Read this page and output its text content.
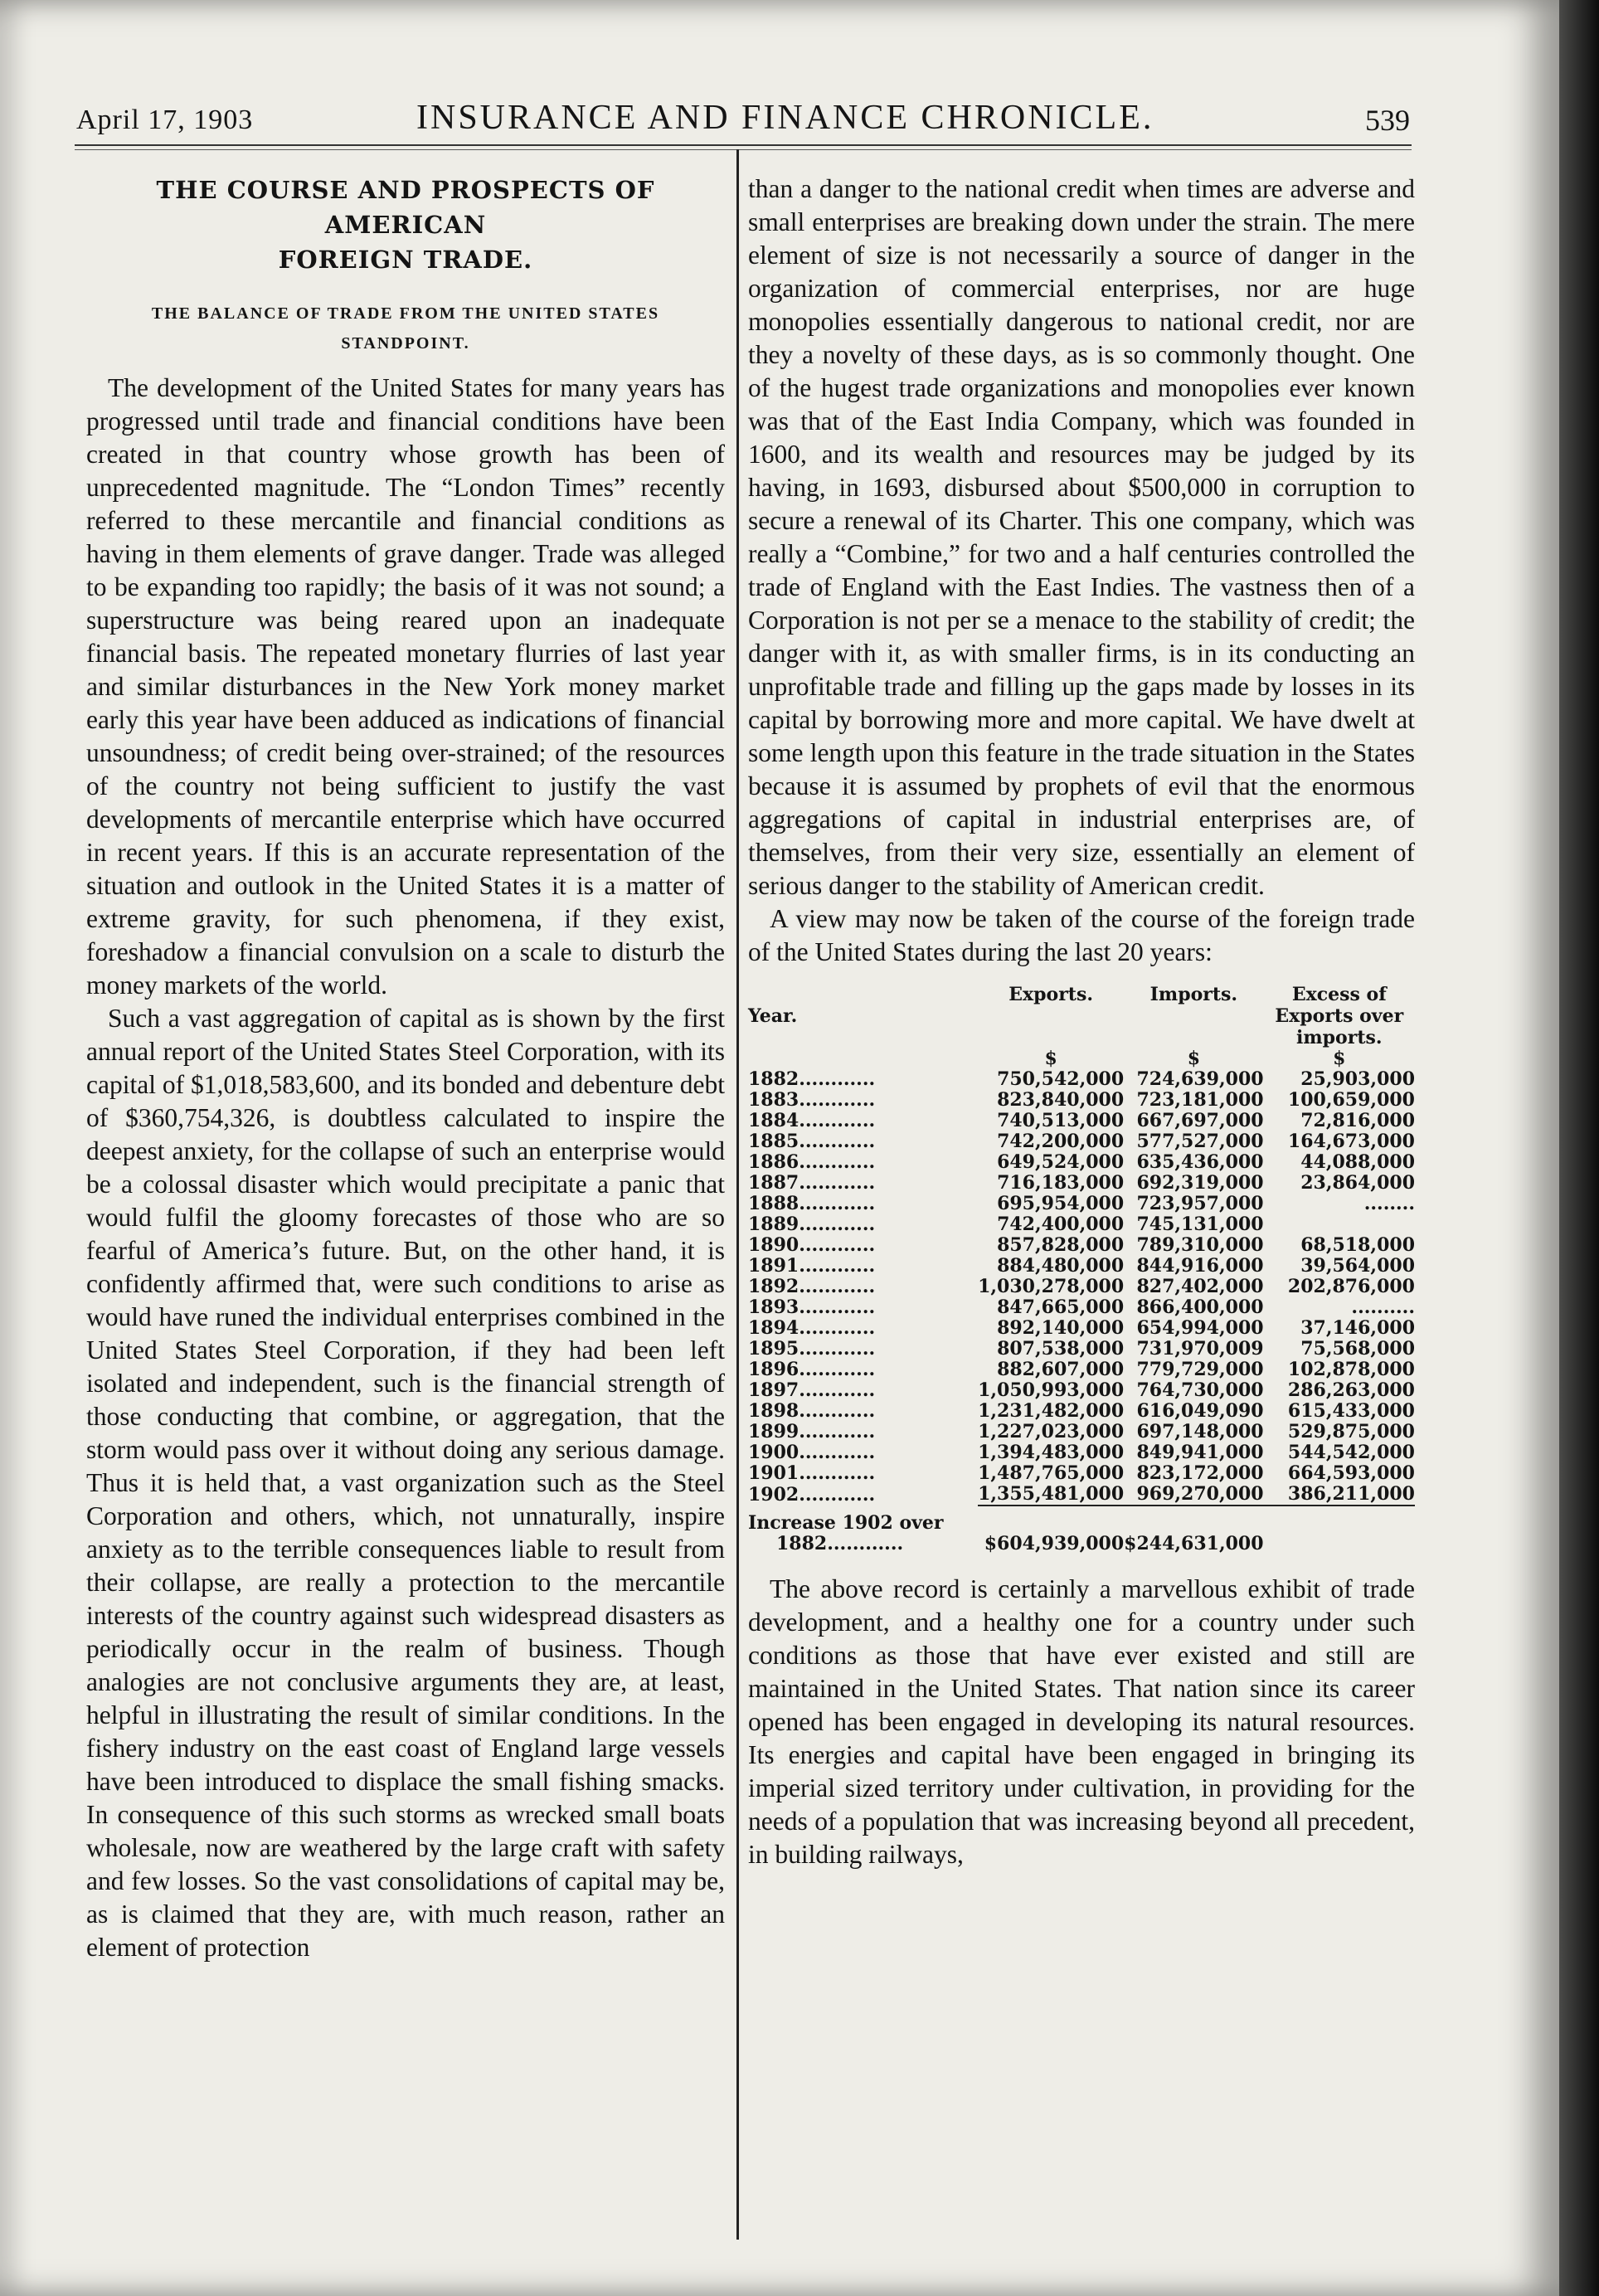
April 17, 1903	INSURANCE AND FINANCE CHRONICLE.	539
THE COURSE AND PROSPECTS OF AMERICAN
FOREIGN TRADE.
THE BALANCE OF TRADE FROM THE UNITED STATES
STANDPOINT.

The development of the United States for many years has progressed until trade and financial conditions have been created in that country whose growth has been of unprecedented magnitude. The “London Times” recently referred to these mercantile and financial conditions as having in them elements of grave danger. Trade was alleged to be expanding too rapidly; the basis of it was not sound; a superstructure was being reared upon an inadequate financial basis. The repeated monetary flurries of last year and similar disturbances in the New York money market early this year have been adduced as indications of financial unsoundness; of credit being over-strained; of the resources of the country not being sufficient to justify the vast developments of mercantile enterprise which have occurred in recent years. If this is an accurate representation of the situation and outlook in the United States it is a matter of extreme gravity, for such phenomena, if they exist, foreshadow a financial convulsion on a scale to disturb the money markets of the world.

Such a vast aggregation of capital as is shown by the first annual report of the United States Steel Corporation, with its capital of $1,018,583,600, and its bonded and debenture debt of $360,754,326, is doubtless calculated to inspire the deepest anxiety, for the collapse of such an enterprise would be a colossal disaster which would precipitate a panic that would fulfil the gloomy forecastes of those who are so fearful of America’s future. But, on the other hand, it is confidently affirmed that, were such conditions to arise as would have runed the individual enterprises combined in the United States Steel Corporation, if they had been left isolated and independent, such is the financial strength of those conducting that combine, or aggregation, that the storm would pass over it without doing any serious damage. Thus it is held that, a vast organization such as the Steel Corporation and others, which, not unnaturally, inspire anxiety as to the terrible consequences liable to result from their collapse, are really a protection to the mercantile interests of the country against such widespread disasters as periodically occur in the realm of business. Though analogies are not conclusive arguments they are, at least, helpful in illustrating the result of similar conditions. In the fishery industry on the east coast of England large vessels have been introduced to displace the small fishing smacks. In consequence of this such storms as wrecked small boats wholesale, now are weathered by the large craft with safety and few losses. So the vast consolidations of capital may be, as is claimed that they are, with much reason, rather an element of protection

than a danger to the national credit when times are adverse and small enterprises are breaking down under the strain. The mere element of size is not necessarily a source of danger in the organization of commercial enterprises, nor are huge monopolies essentially dangerous to national credit, nor are they a novelty of these days, as is so commonly thought. One of the hugest trade organizations and monopolies ever known was that of the East India Company, which was founded in 1600, and its wealth and resources may be judged by its having, in 1693, disbursed about $500,000 in corruption to secure a renewal of its Charter. This one company, which was really a “Combine,” for two and a half centuries controlled the trade of England with the East Indies. The vastness then of a Corporation is not per se a menace to the stability of credit; the danger with it, as with smaller firms, is in its conducting an unprofitable trade and filling up the gaps made by losses in its capital by borrowing more and more capital. We have dwelt at some length upon this feature in the trade situation in the States because it is assumed by prophets of evil that the enormous aggregations of capital in industrial enterprises are, of themselves, from their very size, essentially an element of serious danger to the stability of American credit.

A view may now be taken of the course of the foreign trade of the United States during the last 20 years:

Year.	Exports.	Imports.	Excess of
Exports over
imports.

	$	$	$
1882............	750,542,000	724,639,000	25,903,000
1883............	823,840,000	723,181,000	100,659,000
1884............	740,513,000	667,697,000	72,816,000
1885............	742,200,000	577,527,000	164,673,000
1886............	649,524,000	635,436,000	44,088,000
1887............	716,183,000	692,319,000	23,864,000
1888............	695,954,000	723,957,000	........
1889............	742,400,000	745,131,000	
1890............	857,828,000	789,310,000	68,518,000
1891............	884,480,000	844,916,000	39,564,000
1892............	1,030,278,000	827,402,000	202,876,000
1893............	847,665,000	866,400,000	..........
1894............	892,140,000	654,994,000	37,146,000
1895............	807,538,000	731,970,009	75,568,000
1896............	882,607,000	779,729,000	102,878,000
1897............	1,050,993,000	764,730,000	286,263,000
1898............	1,231,482,000	616,049,090	615,433,000
1899............	1,227,023,000	697,148,000	529,875,000
1900............	1,394,483,000	849,941,000	544,542,000
1901............	1,487,765,000	823,172,000	664,593,000
1902............	1,355,481,000	969,270,000	386,211,000

Increase 1902 over			
1882............	$604,939,000	$244,631,000	

The above record is certainly a marvellous exhibit of trade development, and a healthy one for a country under such conditions as those that have ever existed and still are maintained in the United States. That nation since its career opened has been engaged in developing its natural resources. Its energies and capital have been engaged in bringing its imperial sized territory under cultivation, in providing for the needs of a population that was increasing beyond all precedent, in building railways,
